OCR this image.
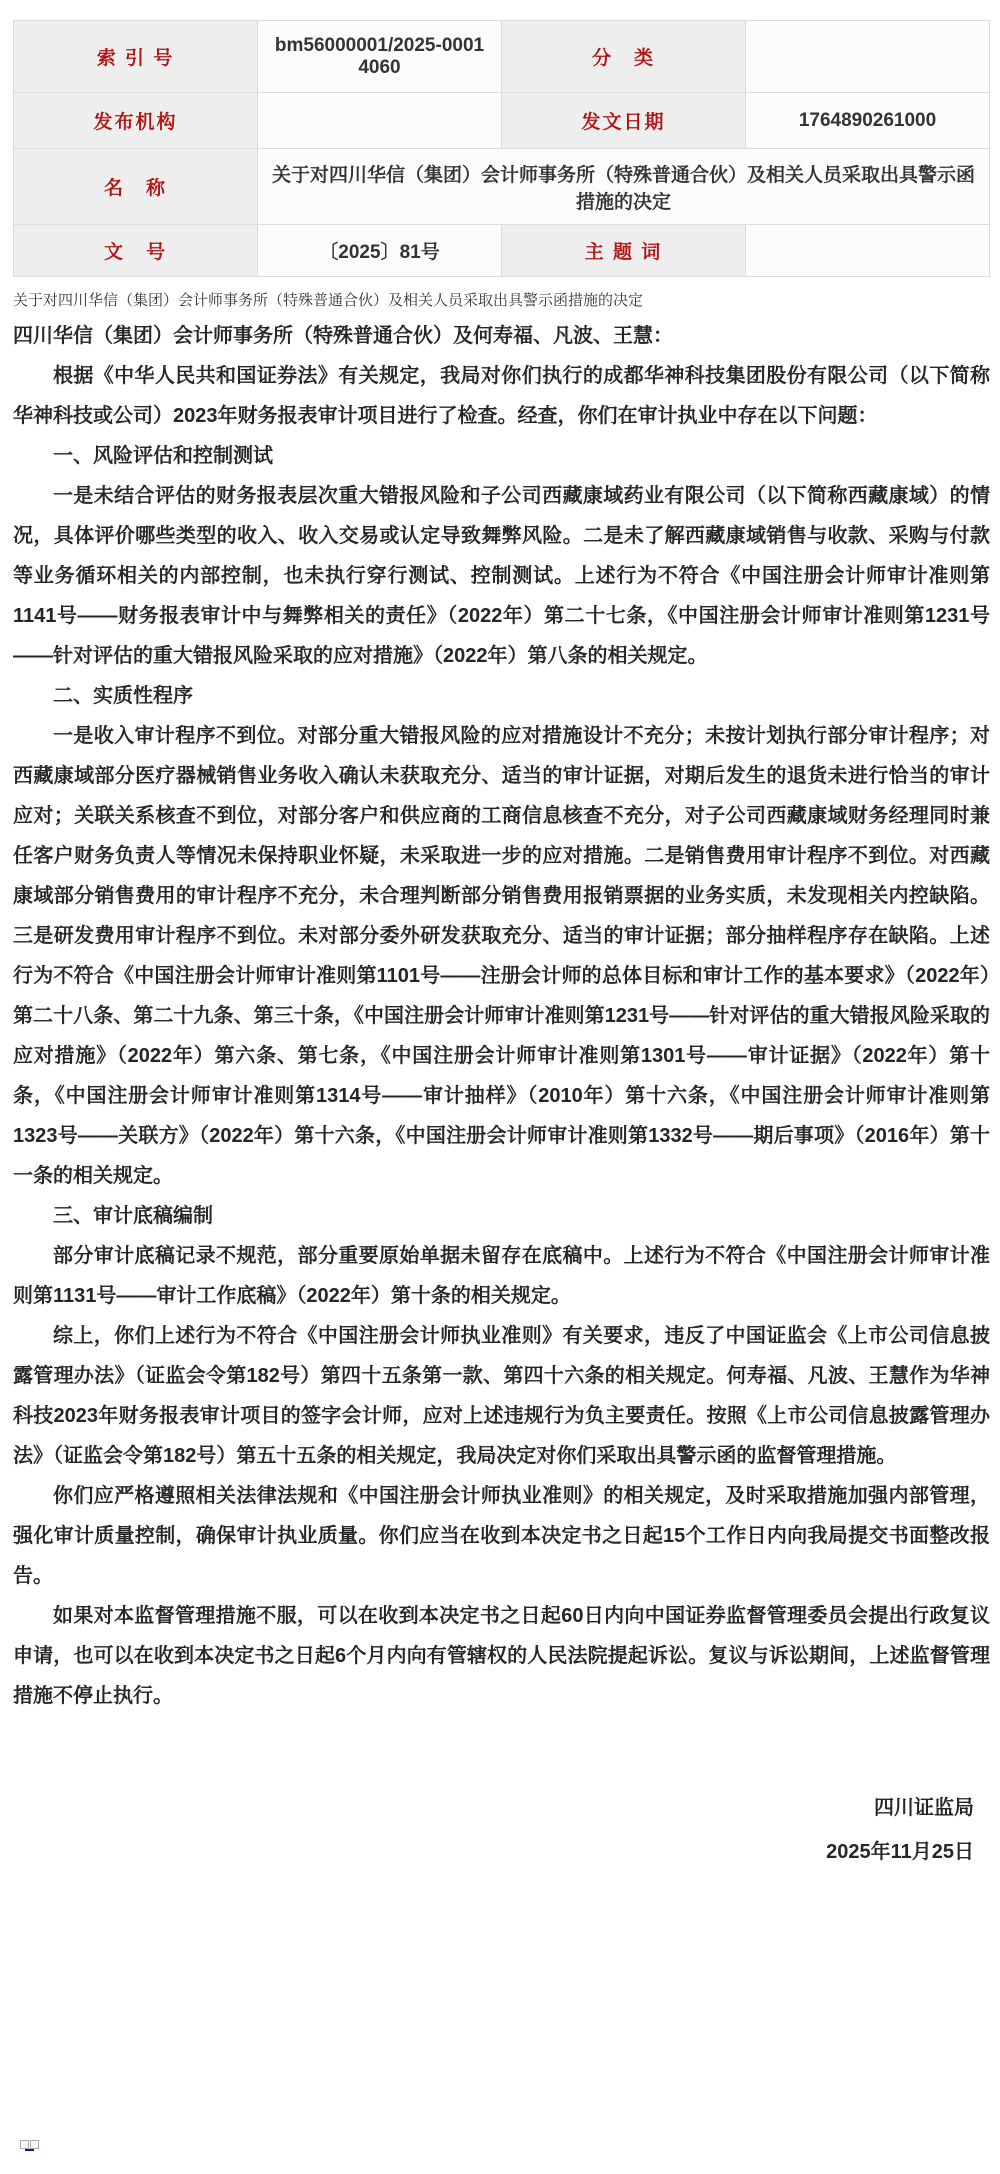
索 引 号	bm56000001/2025-00014060	分　类	
发布机构		发文日期	1764890261000
名　称	关于对四川华信（集团）会计师事务所（特殊普通合伙）及相关人员采取出具警示函措施的决定		
文　号	〔2025〕81号	主 题 词	
关于对四川华信（集团）会计师事务所（特殊普通合伙）及相关人员采取出具警示函措施的决定

四川华信（集团）会计师事务所（特殊普通合伙）及何寿福、凡波、王慧：

根据《中华人民共和国证券法》有关规定，我局对你们执行的成都华神科技集团股份有限公司（以下简称华神科技或公司）2023年财务报表审计项目进行了检查。经查，你们在审计执业中存在以下问题：

一、风险评估和控制测试

一是未结合评估的财务报表层次重大错报风险和子公司西藏康域药业有限公司（以下简称西藏康域）的情况，具体评价哪些类型的收入、收入交易或认定导致舞弊风险。二是未了解西藏康域销售与收款、采购与付款等业务循环相关的内部控制，也未执行穿行测试、控制测试。上述行为不符合《中国注册会计师审计准则第1141号——财务报表审计中与舞弊相关的责任》（2022年）第二十七条，《中国注册会计师审计准则第1231号——针对评估的重大错报风险采取的应对措施》（2022年）第八条的相关规定。

二、实质性程序

一是收入审计程序不到位。对部分重大错报风险的应对措施设计不充分；未按计划执行部分审计程序；对西藏康域部分医疗器械销售业务收入确认未获取充分、适当的审计证据，对期后发生的退货未进行恰当的审计应对；关联关系核查不到位，对部分客户和供应商的工商信息核查不充分，对子公司西藏康域财务经理同时兼任客户财务负责人等情况未保持职业怀疑，未采取进一步的应对措施。二是销售费用审计程序不到位。对西藏康域部分销售费用的审计程序不充分，未合理判断部分销售费用报销票据的业务实质，未发现相关内控缺陷。三是研发费用审计程序不到位。未对部分委外研发获取充分、适当的审计证据；部分抽样程序存在缺陷。上述行为不符合《中国注册会计师审计准则第1101号——注册会计师的总体目标和审计工作的基本要求》（2022年）第二十八条、第二十九条、第三十条，《中国注册会计师审计准则第1231号——针对评估的重大错报风险采取的应对措施》（2022年）第六条、第七条，《中国注册会计师审计准则第1301号——审计证据》（2022年）第十条，《中国注册会计师审计准则第1314号——审计抽样》（2010年）第十六条，《中国注册会计师审计准则第1323号——关联方》（2022年）第十六条，《中国注册会计师审计准则第1332号——期后事项》（2016年）第十一条的相关规定。

三、审计底稿编制

部分审计底稿记录不规范，部分重要原始单据未留存在底稿中。上述行为不符合《中国注册会计师审计准则第1131号——审计工作底稿》（2022年）第十条的相关规定。

综上，你们上述行为不符合《中国注册会计师执业准则》有关要求，违反了中国证监会《上市公司信息披露管理办法》（证监会令第182号）第四十五条第一款、第四十六条的相关规定。何寿福、凡波、王慧作为华神科技2023年财务报表审计项目的签字会计师，应对上述违规行为负主要责任。按照《上市公司信息披露管理办法》（证监会令第182号）第五十五条的相关规定，我局决定对你们采取出具警示函的监督管理措施。

你们应严格遵照相关法律法规和《中国注册会计师执业准则》的相关规定，及时采取措施加强内部管理，强化审计质量控制，确保审计执业质量。你们应当在收到本决定书之日起15个工作日内向我局提交书面整改报告。

如果对本监督管理措施不服，可以在收到本决定书之日起60日内向中国证券监督管理委员会提出行政复议申请，也可以在收到本决定书之日起6个月内向有管辖权的人民法院提起诉讼。复议与诉讼期间，上述监督管理措施不停止执行。

四川证监局
2025年11月25日
